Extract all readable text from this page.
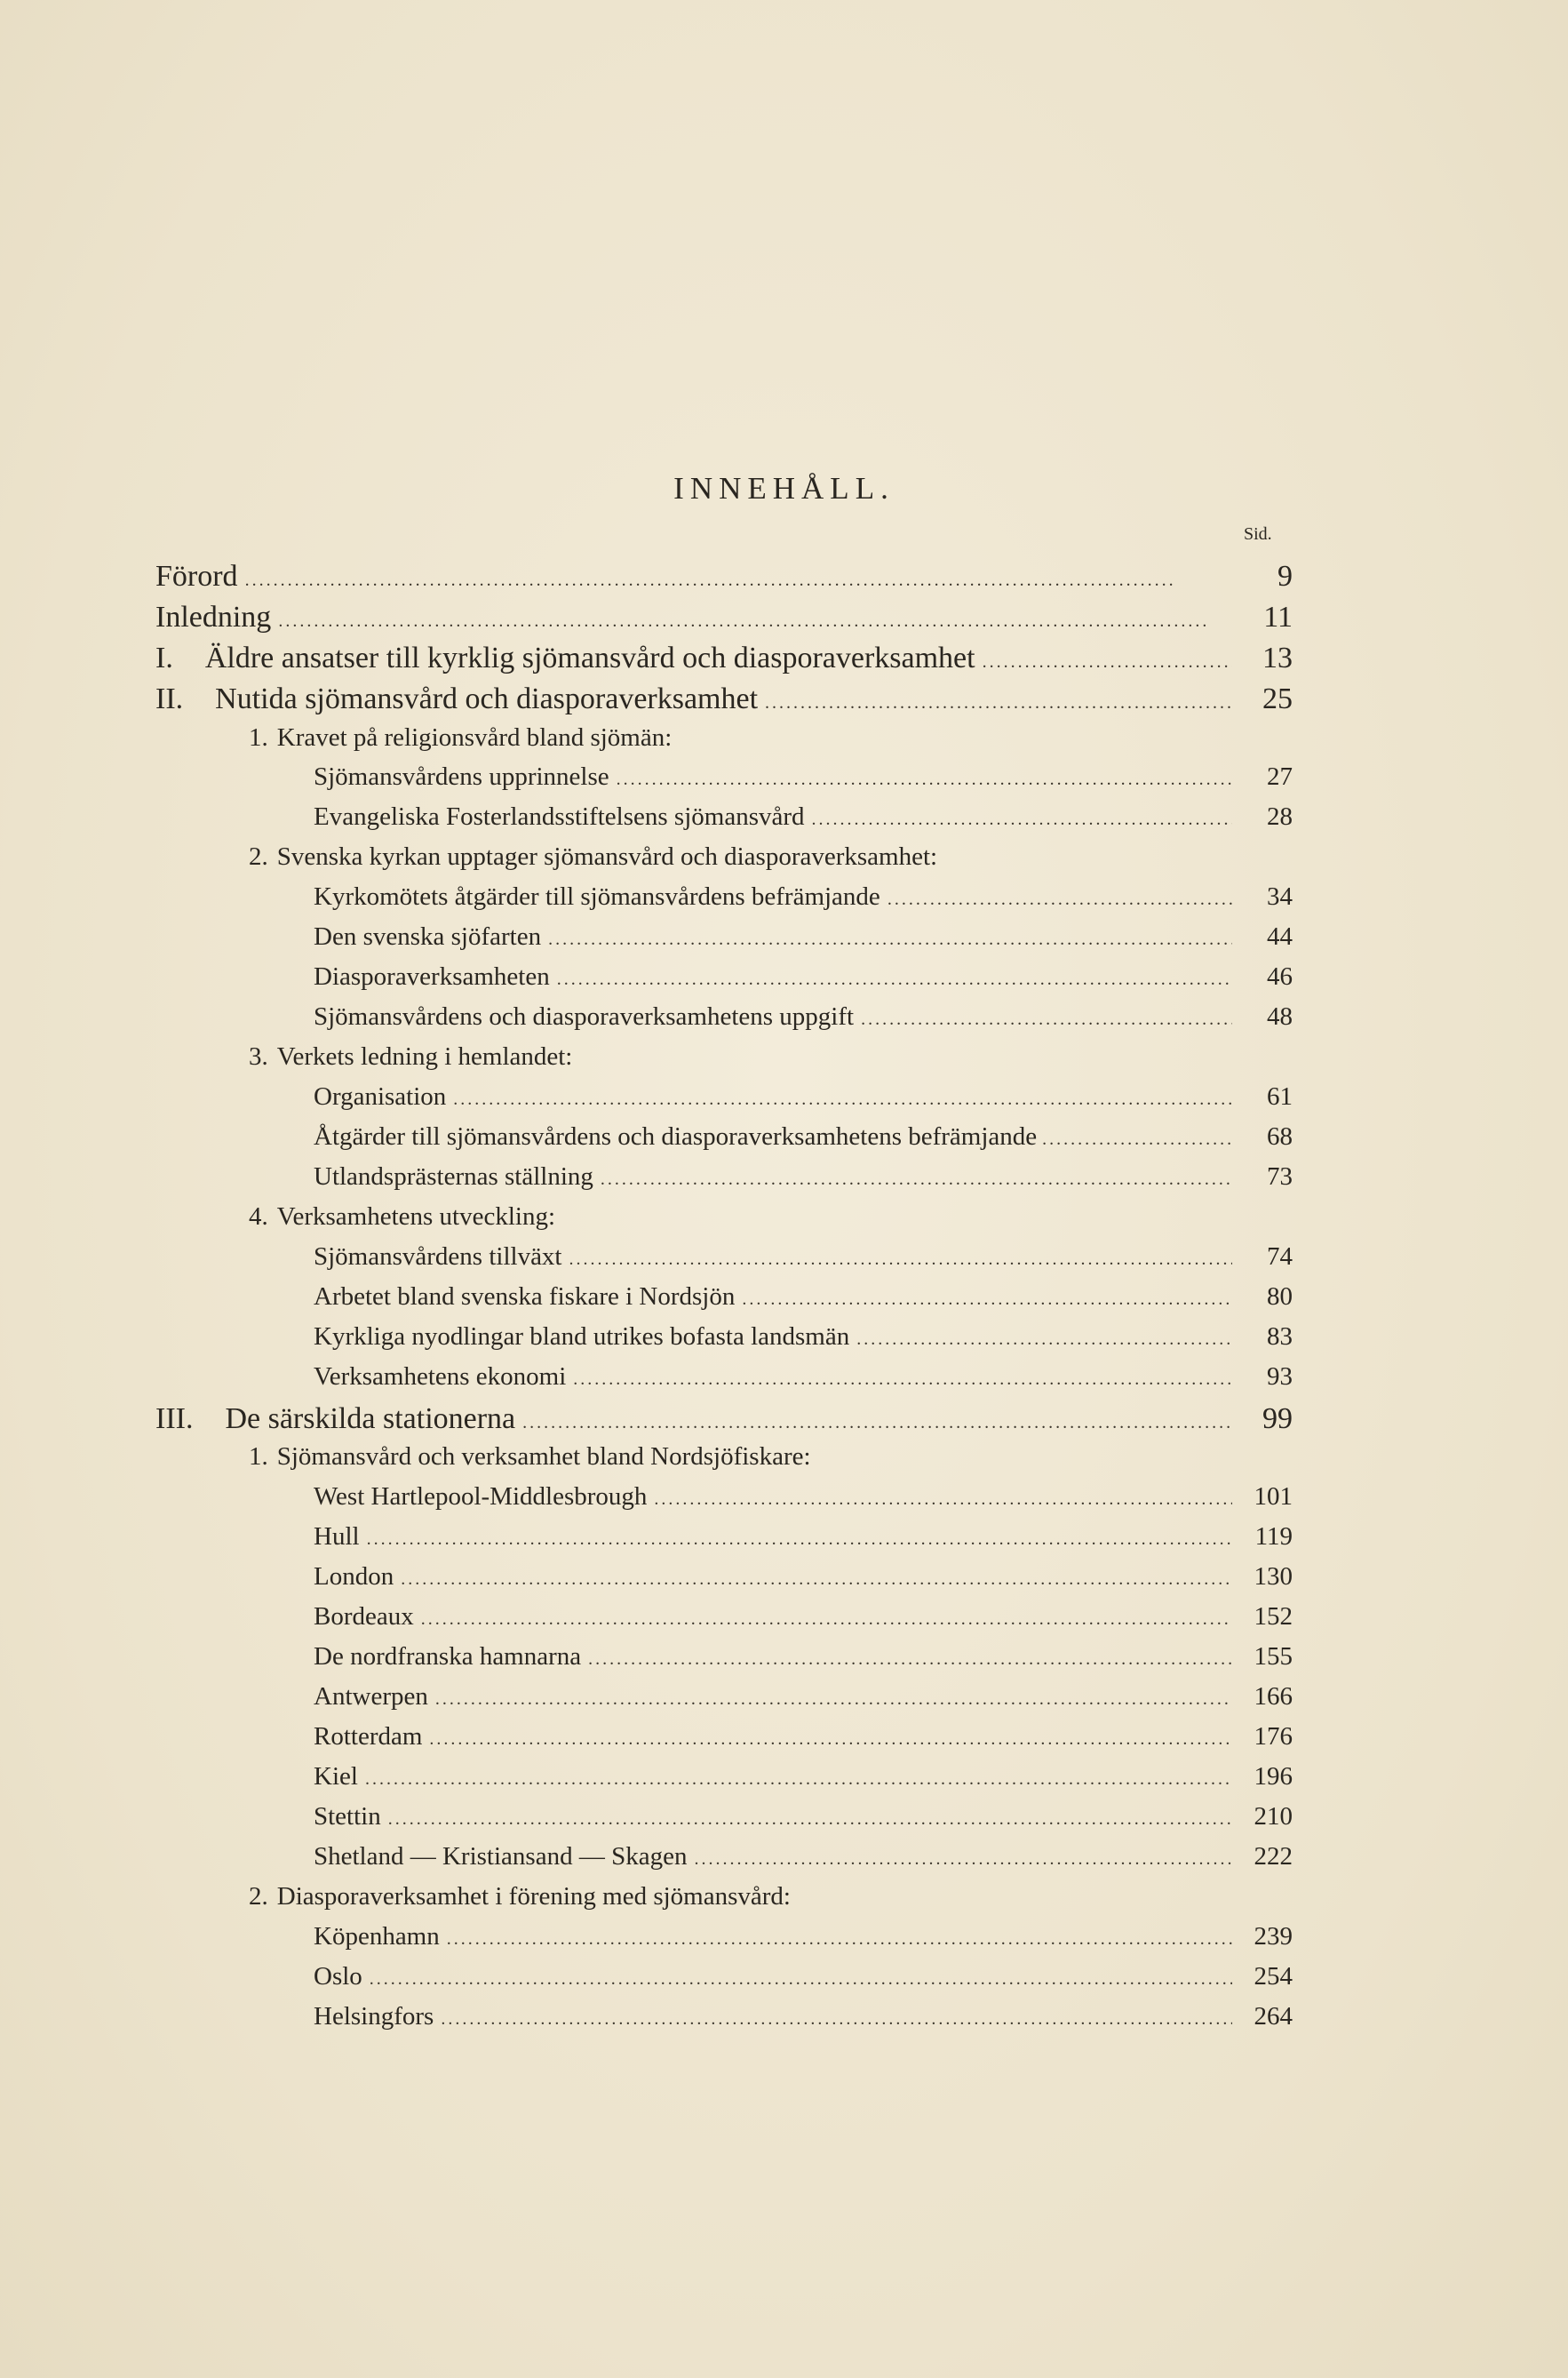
INNEHÅLL.
Sid.
Förord . . .	9
Inledning . . .	11
I. Äldre ansatser till kyrklig sjömansvård och diasporaverksamhet . . .	13
II. Nutida sjömansvård och diasporaverksamhet . . .	25
1. Kravet på religionsvård bland sjömän:
Sjömansvårdens upprinnelse . . .	27
Evangeliska Fosterlandsstiftelsens sjömansvård . . .	28
2. Svenska kyrkan upptager sjömansvård och diasporaverksamhet:
Kyrkomötets åtgärder till sjömansvårdens befrämjande . . .	34
Den svenska sjöfarten . . .	44
Diasporaverksamheten . . .	46
Sjömansvårdens och diasporaverksamhetens uppgift . . .	48
3. Verkets ledning i hemlandet:
Organisation . . .	61
Åtgärder till sjömansvårdens och diasporaverksamhetens befrämjande . . .	68
Utlandsprästernas ställning . . .	73
4. Verksamhetens utveckling:
Sjömansvårdens tillväxt . . .	74
Arbetet bland svenska fiskare i Nordsjön . . .	80
Kyrkliga nyodlingar bland utrikes bofasta landsmän . . .	83
Verksamhetens ekonomi . . .	93
III. De särskilda stationerna . . .	99
1. Sjömansvård och verksamhet bland Nordsjöfiskare:
West Hartlepool-Middlesbrough . . .	101
Hull . . .	119
London . . .	130
Bordeaux . . .	152
De nordfranska hamnarna . . .	155
Antwerpen . . .	166
Rotterdam . . .	176
Kiel . . .	196
Stettin . . .	210
Shetland — Kristiansand — Skagen . . .	222
2. Diasporaverksamhet i förening med sjömansvård:
Köpenhamn . . .	239
Oslo . . .	254
Helsingfors . . .	264
